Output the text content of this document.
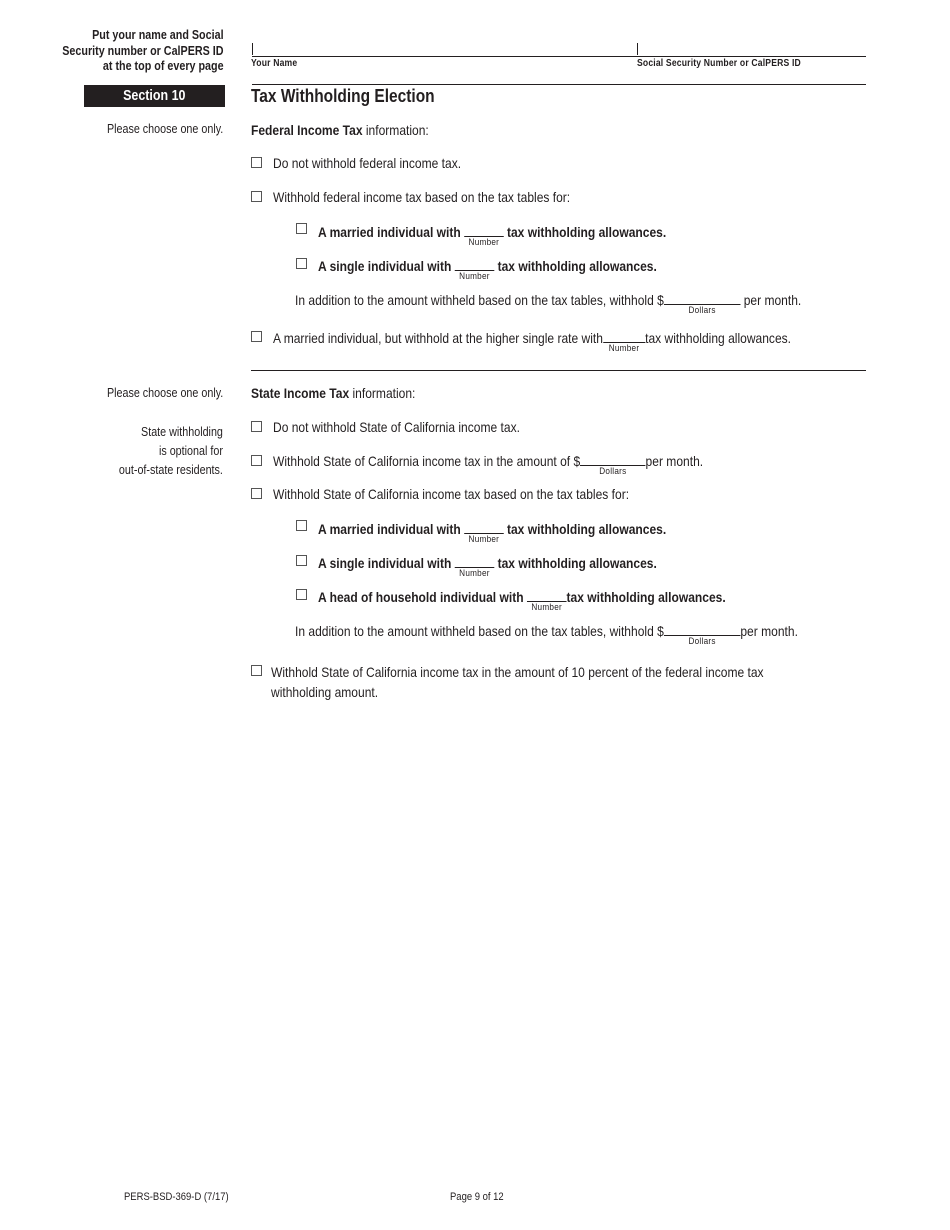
Put your name and Social
Security number or CalPERS ID
at the top of every page	Your Name	Social Security Number or CalPERS ID
Section 10	Tax Withholding Election
Please choose one only. Federal Income Tax information:
Do not withhold federal income tax.
Withhold federal income tax based on the tax tables for:
A married individual with
Number
tax withholding allowances.
A single individual with
Number
tax withholding allowances.
In addition to the amount withheld based on the tax tables, withhold $
Dollars
per month.
A married individual, but withhold at the higher single rate with
Number
tax withholding allowances.
Please choose one only.
State withholding
is optional for
out-of-state residents.
State Income Tax information:
Do not withhold State of California income tax.
Withhold State of California income tax in the amount of $
Dollars
per month.
Withhold State of California income tax based on the tax tables for:
A married individual with
Number
tax withholding allowances.
A single individual with
Number
tax withholding allowances.
A head of household individual with
Number
tax withholding allowances.
In addition to the amount withheld based on the tax tables, withhold $
Dollars
per month.
Withhold State of California income tax in the amount of 10 percent of the federal income tax
withholding amount.
PERS-BSD-369-D (7/17)	Page 9 of 12
